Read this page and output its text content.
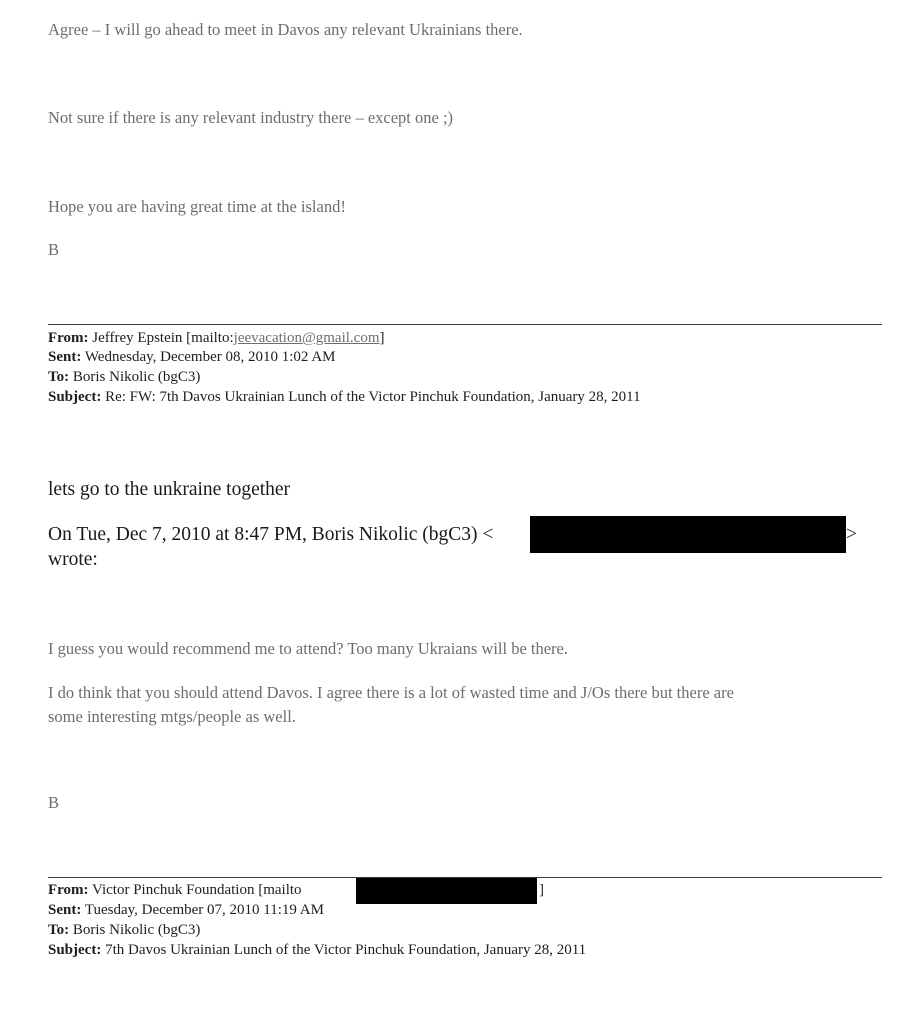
Agree – I will go ahead to meet in Davos any relevant Ukrainians there.
Not sure if there is any relevant industry there – except one ;)
Hope you are having great time at the island!
B
From: Jeffrey Epstein [mailto:jeevacation@gmail.com]
Sent: Wednesday, December 08, 2010 1:02 AM
To: Boris Nikolic (bgC3)
Subject: Re: FW: 7th Davos Ukrainian Lunch of the Victor Pinchuk Foundation, January 28, 2011
lets go to the unkraine together
On Tue, Dec 7, 2010 at 8:47 PM, Boris Nikolic (bgC3) <	>
wrote:
I guess you would recommend me to attend? Too many Ukraians will be there.
I do think that you should attend Davos. I agree there is a lot of wasted time and J/Os there but there are
some interesting mtgs/people as well.
B
From: Victor Pinchuk Foundation [mailto	]
Sent: Tuesday, December 07, 2010 11:19 AM
To: Boris Nikolic (bgC3)
Subject: 7th Davos Ukrainian Lunch of the Victor Pinchuk Foundation, January 28, 2011
